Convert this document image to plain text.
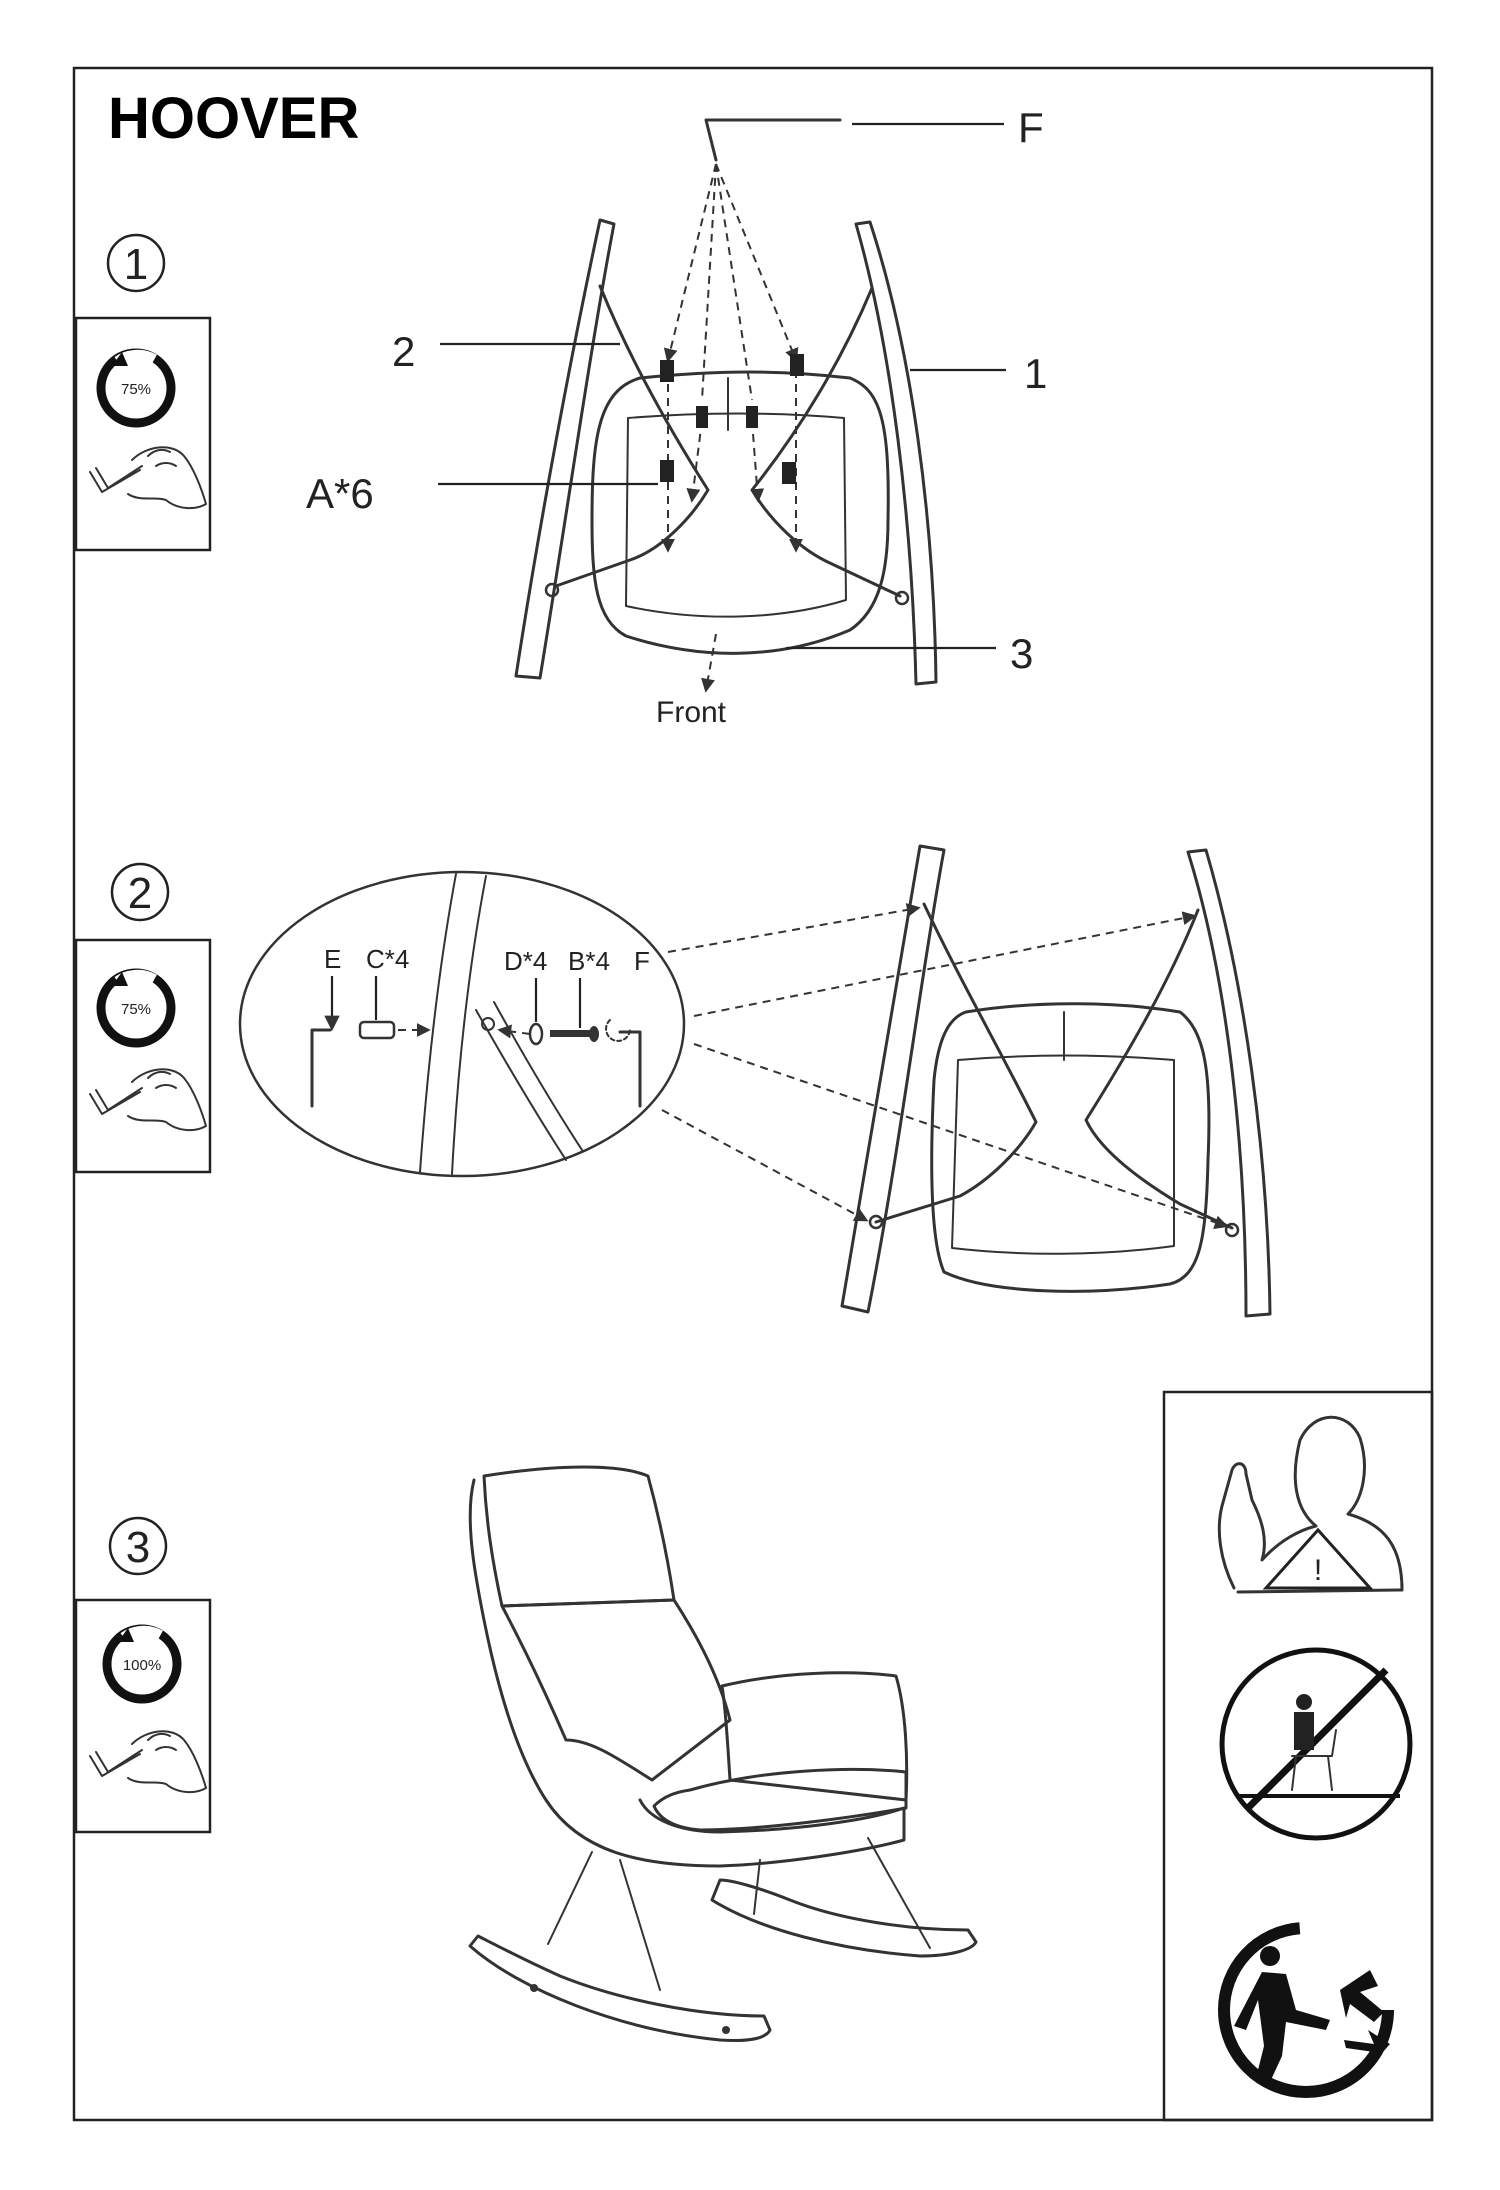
HOOVER
1
75%
F
2
A*6
1
3
Front
2
75%
E C*4	D*4 B*4 F
3
100%
!
